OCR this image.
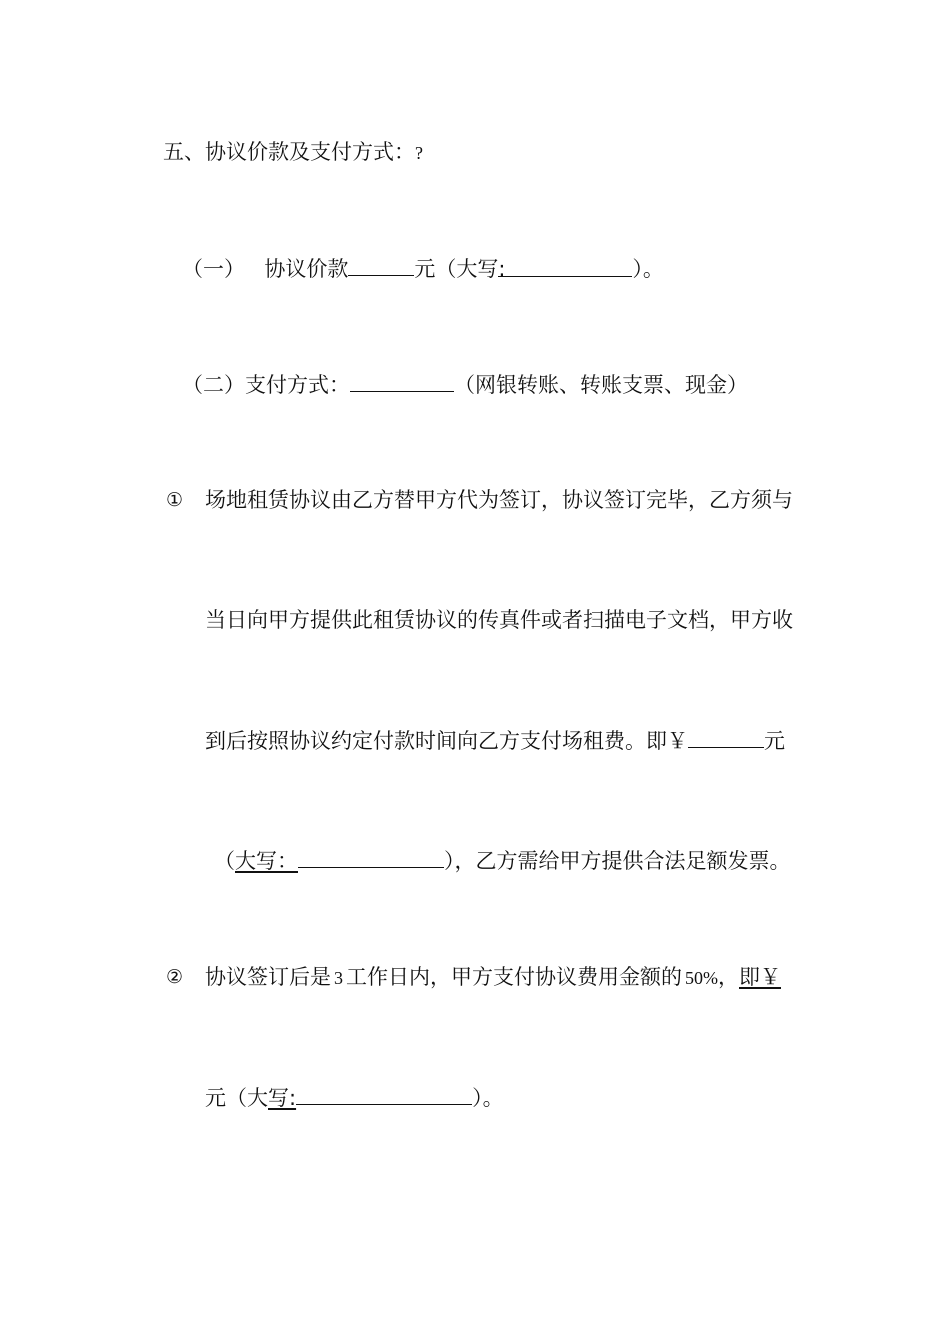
五、协议价款及支付方式：?
（一） 协议价款	元（大写:	）。
（二）支付方式：	（网银转账、转账支票、现金）
① 场地租赁协议由乙方替甲方代为签订，协议签订完毕，乙方须与
当日向甲方提供此租赁协议的传真件或者扫描电子文档，甲方收
到后按照协议约定付款时间向乙方支付场租费。即￥	元
（大写：	），乙方需给甲方提供合法足额发票。
② 协议签订后是 3 工作日内，甲方支付协议费用金额的 50%，即￥
元（大写:	）。
